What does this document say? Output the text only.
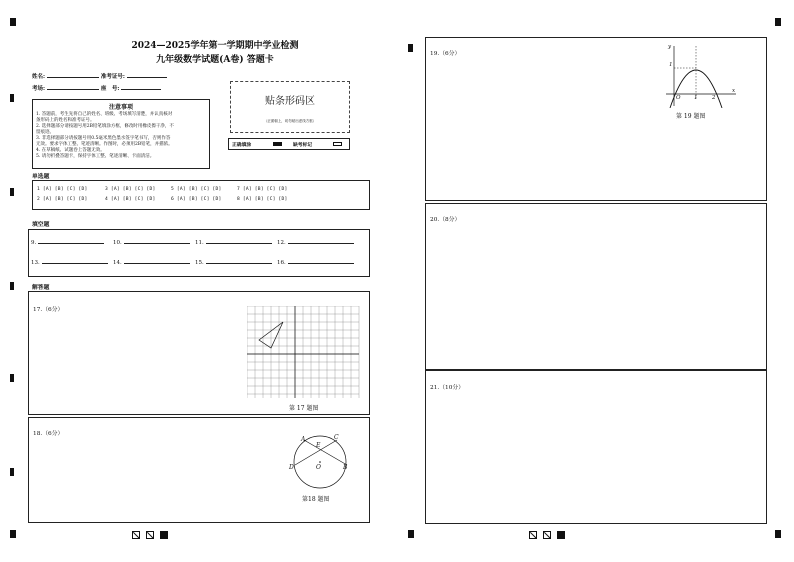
2024—2025学年第一学期期中学业检测
九年级数学试题(A卷) 答题卡
姓名:	准考证号:
考场:	座　号:
注意事项
1. 答题前，考生先将自己的姓名、班级、考场填写清楚，并认真核对
条形码上的姓名和准考证号。
2. 选择题部分请按题号用2B铅笔填涂方框，修改时用橡皮擦干净，不
留痕迹。
3. 非选择题部分请按题号用0.5毫米黑色墨水签字笔书写，否则作答
无效。要求字体工整、笔迹清晰。作图时，必须用2B铅笔，并描浓。
4. 在草稿纸、试题卷上答题无效。
5. 请勿折叠答题卡，保持字体工整、笔迹清晰、卡面清洁。
贴条形码区
（正面朝上，切勿贴出虚线方框）
正确填涂	缺考标记
单选题
1 [A] [B] [C] [D]	3 [A] [B] [C] [D]	5 [A] [B] [C] [D]	7 [A] [B] [C] [D]
2 [A] [B] [C] [D]	4 [A] [B] [C] [D]	6 [A] [B] [C] [D]	8 [A] [B] [C] [D]
填空题
9.	10.	11.	12.
13.	14.	15.	16.
解答题
17.（6分）
第 17 题图
18.（6分）
A
E
C
D	O	B
第18 题图
19.（6分）
y
x
1
O 1	2
第 19 题图
20.（8分）
21.（10分）
